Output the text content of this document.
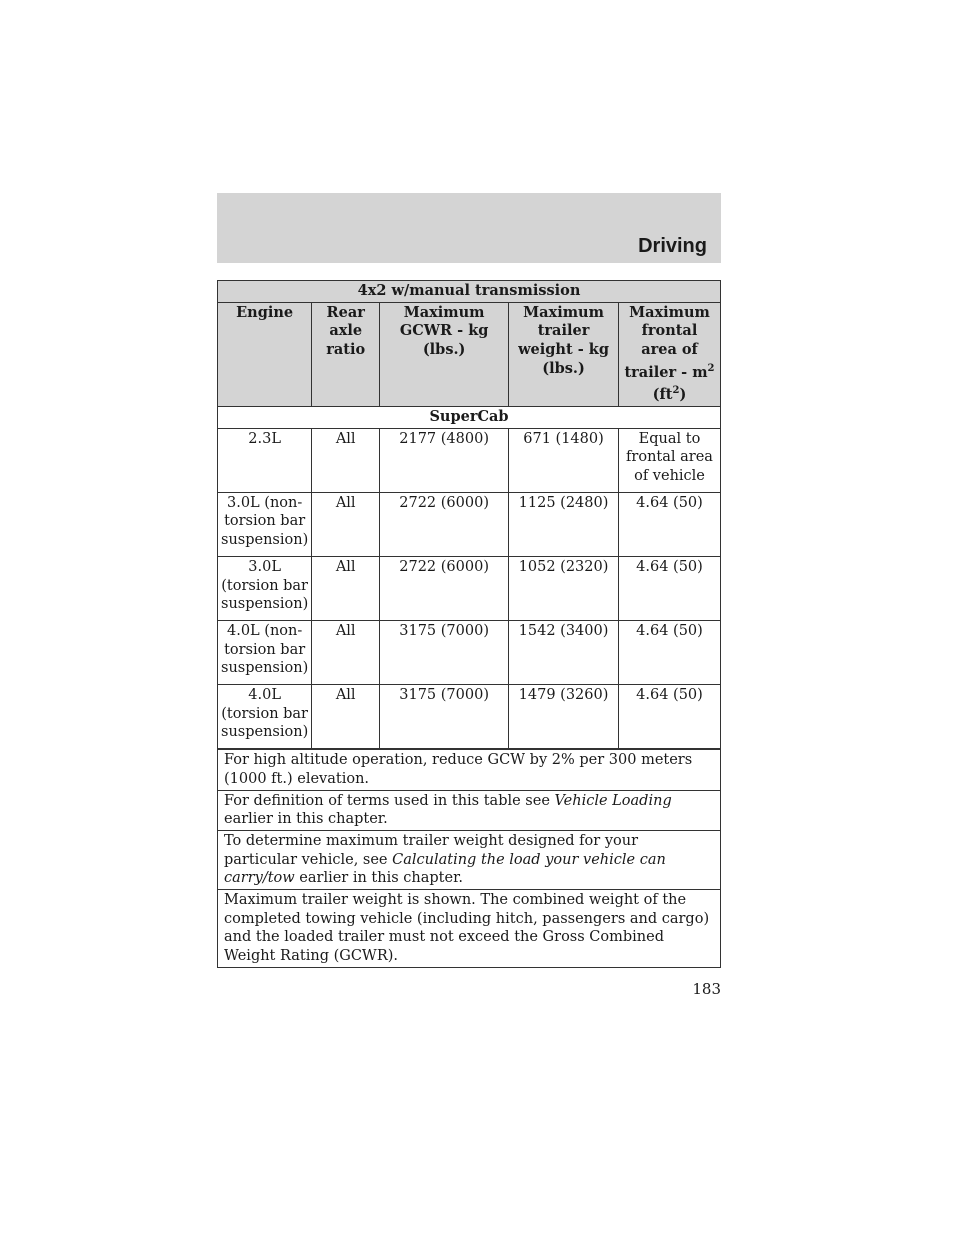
Driving
4x2 w/manual transmission				
Engine	Rear axle ratio	Maximum GCWR - kg (lbs.)	Maximum trailer weight - kg (lbs.)	Maximum frontal area of trailer - $m^2$ $(ft^2)$
SuperCab				
2.3L	All	2177 (4800)	671 (1480)	Equal to frontal area of vehicle
3.0L (non-torsion bar suspension)	All	2722 (6000)	1125 (2480)	4.64 (50)
3.0L (torsion bar suspension)	All	2722 (6000)	1052 (2320)	4.64 (50)
4.0L (non-torsion bar suspension)	All	3175 (7000)	1542 (3400)	4.64 (50)
4.0L (torsion bar suspension)	All	3175 (7000)	1479 (3260)	4.64 (50)
For high altitude operation, reduce GCW by 2% per 300 meters (1000 ft.) elevation.				
For definition of terms used in this table see Vehicle Loading earlier in this chapter.				
To determine maximum trailer weight designed for your particular vehicle, see Calculating the load your vehicle can carry/tow earlier in this chapter.				
Maximum trailer weight is shown. The combined weight of the completed towing vehicle (including hitch, passengers and cargo) and the loaded trailer must not exceed the Gross Combined Weight Rating (GCWR).				
183
